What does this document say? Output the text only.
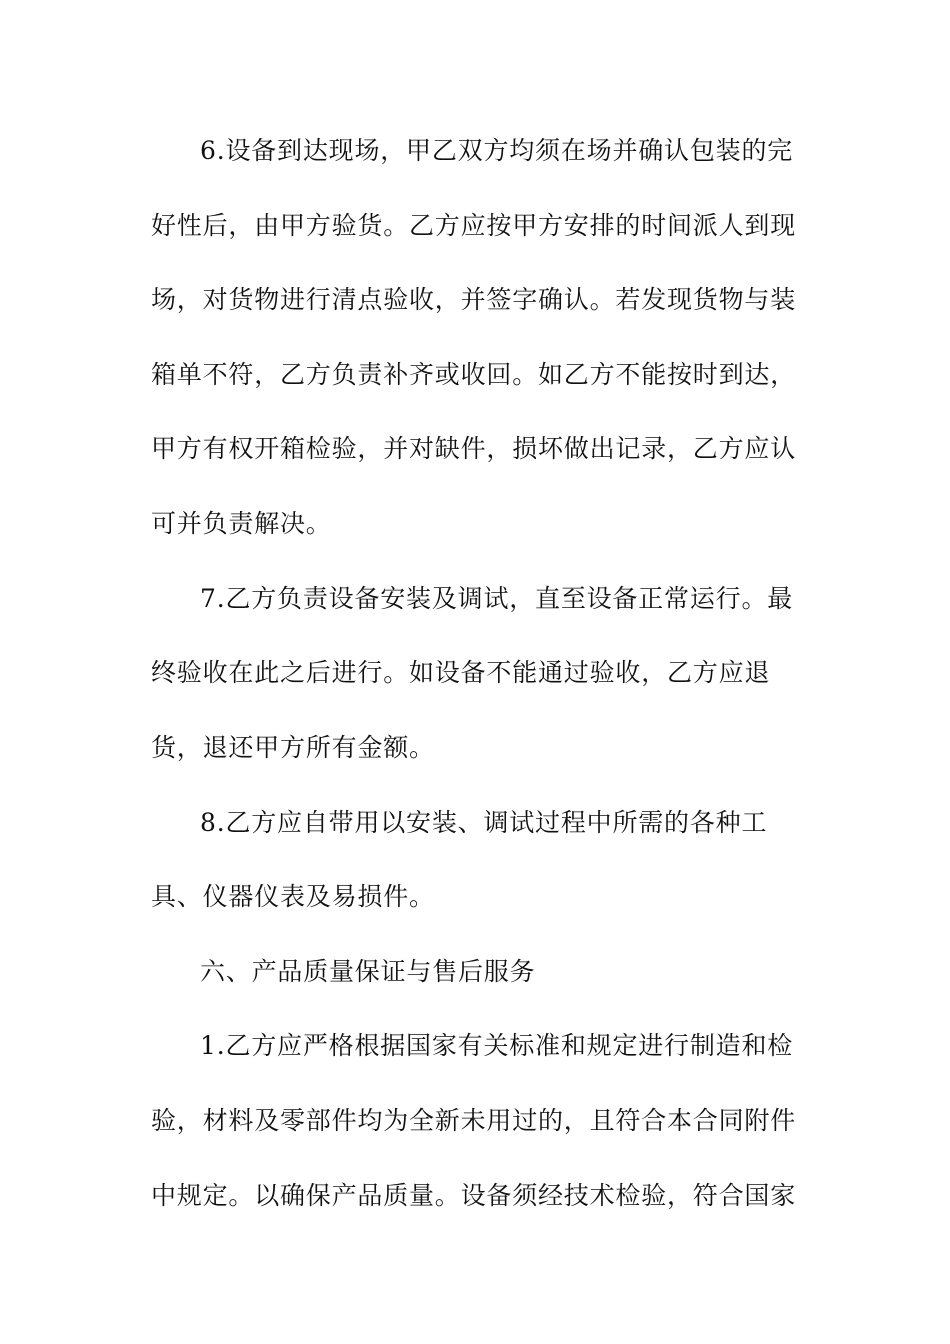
6.设备到达现场，甲乙双方均须在场并确认包装的完
好性后，由甲方验货。乙方应按甲方安排的时间派人到现
场，对货物进行清点验收，并签字确认。若发现货物与装
箱单不符，乙方负责补齐或收回。如乙方不能按时到达，
甲方有权开箱检验，并对缺件，损坏做出记录，乙方应认
可并负责解决。
7.乙方负责设备安装及调试，直至设备正常运行。最
终验收在此之后进行。如设备不能通过验收，乙方应退
货，退还甲方所有金额。
8.乙方应自带用以安装、调试过程中所需的各种工
具、仪器仪表及易损件。
六、产品质量保证与售后服务
1.乙方应严格根据国家有关标准和规定进行制造和检
验，材料及零部件均为全新未用过的，且符合本合同附件
中规定。以确保产品质量。设备须经技术检验，符合国家
